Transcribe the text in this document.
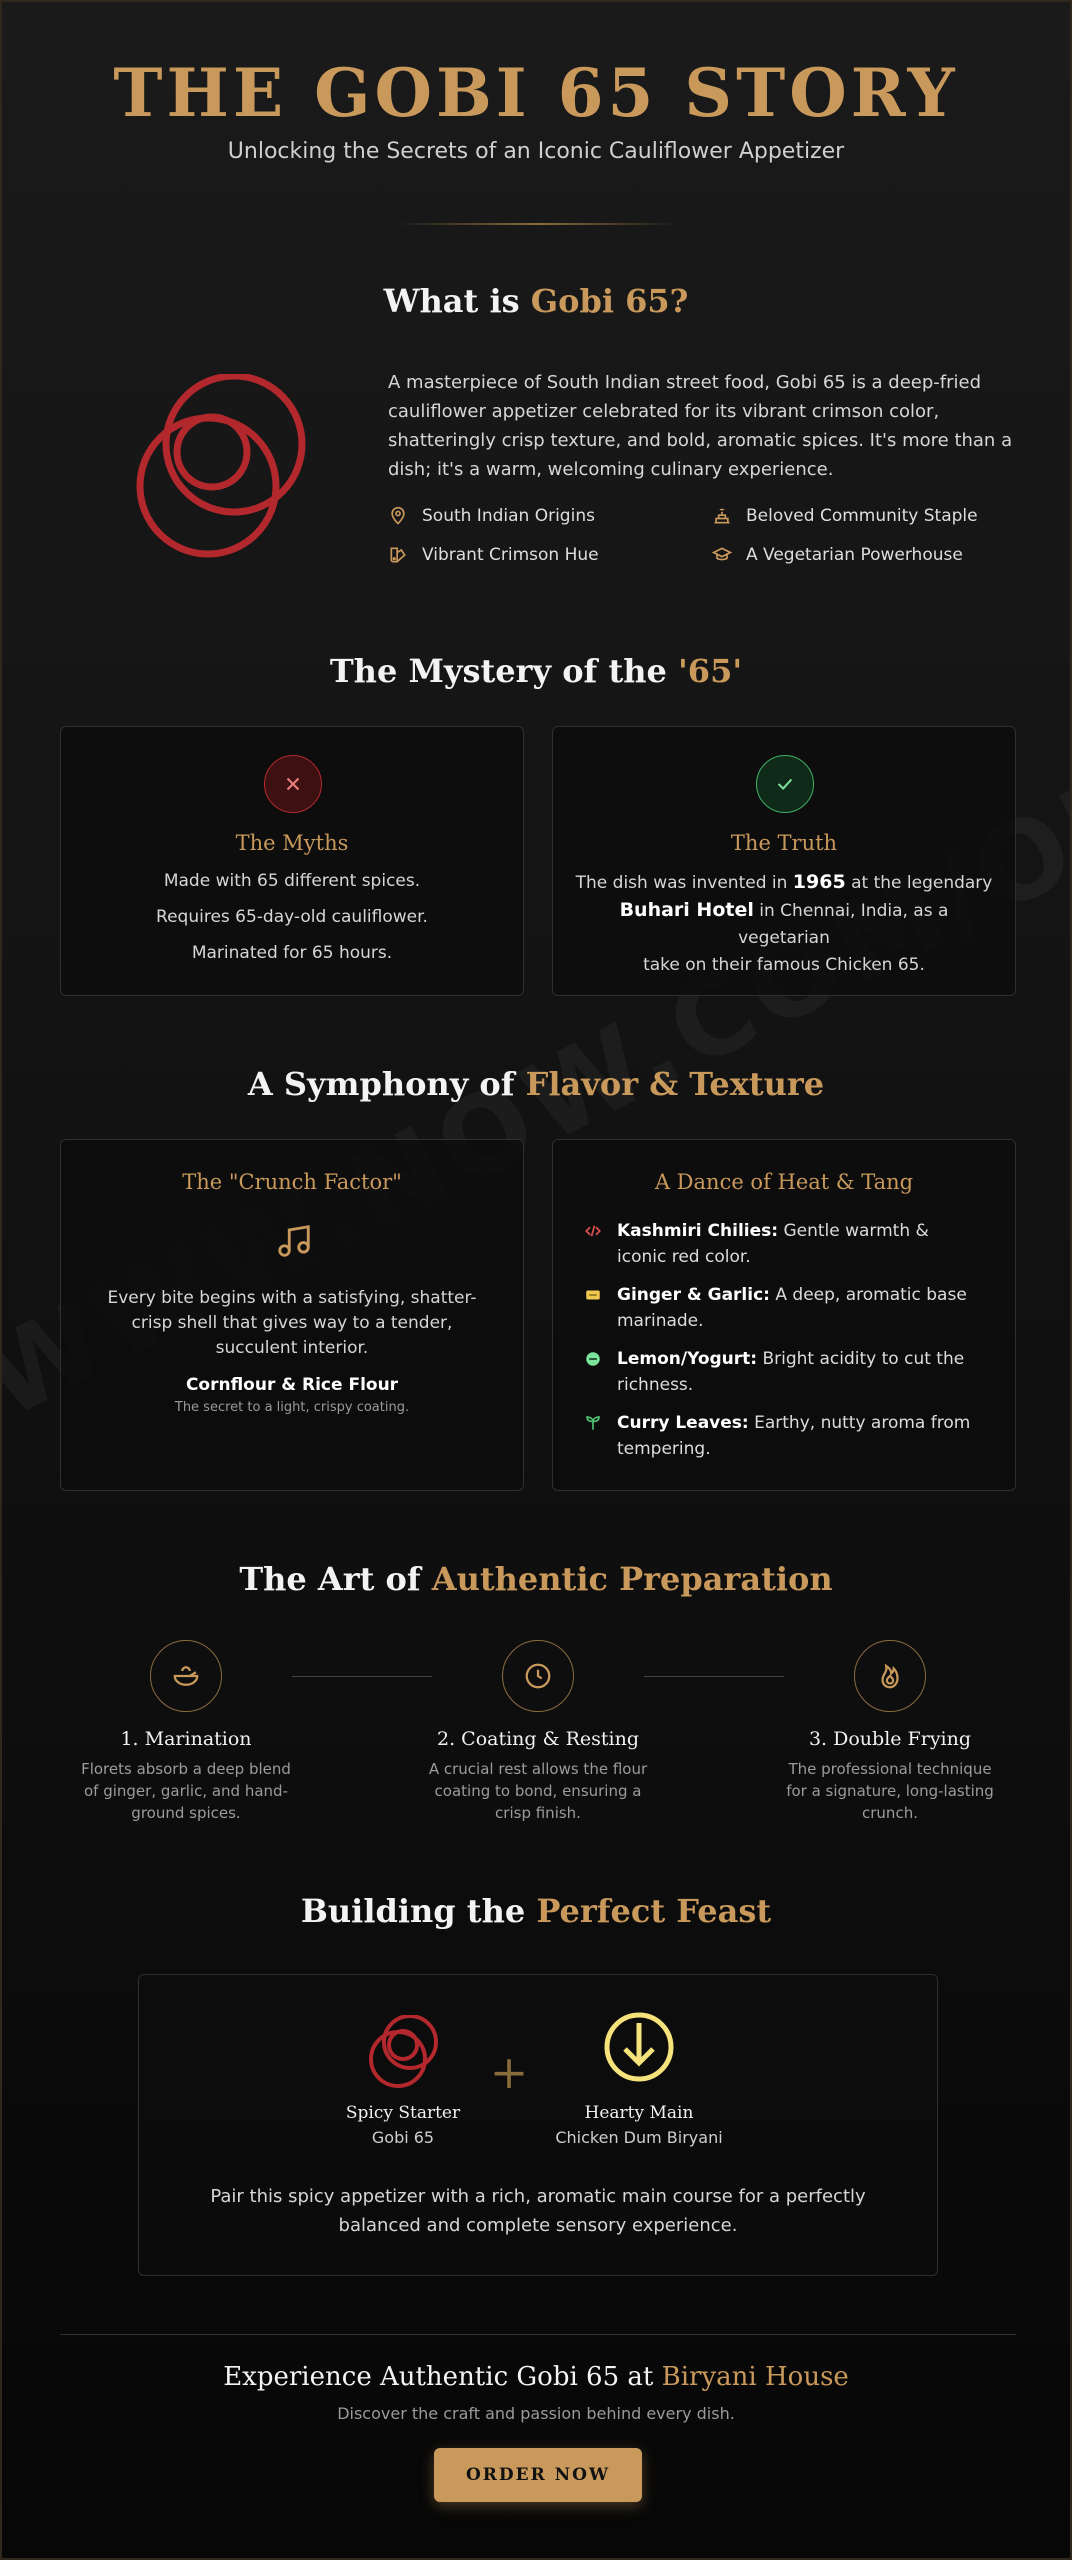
THE GOBI 65 STORY
Unlocking the Secrets of an Iconic Cauliflower Appetizer
What is Gobi 65?

A masterpiece of South Indian street food, Gobi 65 is a deep-fried cauliflower appetizer celebrated for its vibrant crimson color, shatteringly crisp texture, and bold, aromatic spices. It's more than a dish; it's a warm, welcoming culinary experience.

South Indian Origins	Beloved Community Staple
Vibrant Crimson Hue	A Vegetarian Powerhouse
The Mystery of the '65'
The Myths
Made with 65 different spices.
Requires 65-day-old cauliflower.
Marinated for 65 hours.
The Truth
The dish was invented in 1965 at the legendary
Buhari Hotel in Chennai, India, as a vegetarian
take on their famous Chicken 65.
A Symphony of Flavor & Texture
The "Crunch Factor"
Every bite begins with a satisfying, shatter-crisp shell that gives way to a tender, succulent interior.
Cornflour & Rice Flour
The secret to a light, crispy coating.
A Dance of Heat & Tang
Kashmiri Chilies: Gentle warmth & iconic red color.
Ginger & Garlic: A deep, aromatic base marinade.
Lemon/Yogurt: Bright acidity to cut the richness.
Curry Leaves: Earthy, nutty aroma from tempering.
The Art of Authentic Preparation
1. Marination
Florets absorb a deep blend of ginger, garlic, and hand-ground spices.
2. Coating & Resting
A crucial rest allows the flour coating to bond, ensuring a crisp finish.
3. Double Frying
The professional technique for a signature, long-lasting crunch.
Building the Perfect Feast
Spicy Starter
Gobi 65
+
Hearty Main
Chicken Dum Biryani
Pair this spicy appetizer with a rich, aromatic main course for a perfectly balanced and complete sensory experience.
Experience Authentic Gobi 65 at Biryani House
Discover the craft and passion behind every dish.
ORDER NOW
